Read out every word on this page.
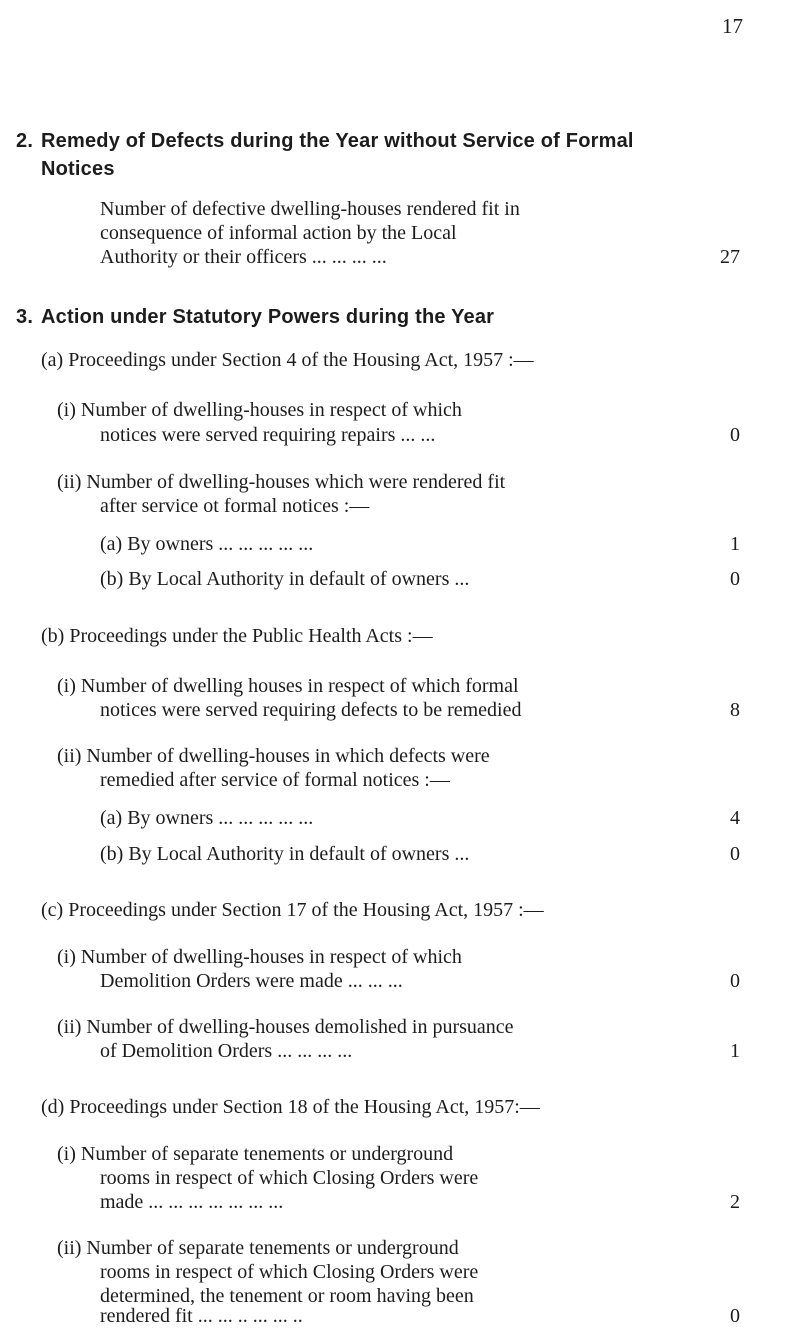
17
2. Remedy of Defects during the Year without Service of Formal
Notices
Number of defective dwelling-houses rendered fit in
consequence of informal action by the Local
Authority or their officers ... ... ... ...	27
3. Action under Statutory Powers during the Year
(a) Proceedings under Section 4 of the Housing Act, 1957 :—
(i) Number of dwelling-houses in respect of which
notices were served requiring repairs ... ...	0
(ii) Number of dwelling-houses which were rendered fit
after service ot formal notices :—
(a) By owners ... ... ... ... ...	1
(b) By Local Authority in default of owners ...	0
(b) Proceedings under the Public Health Acts :—
(i) Number of dwelling houses in respect of which formal
notices were served requiring defects to be remedied	8
(ii) Number of dwelling-houses in which defects were
remedied after service of formal notices :—
(a) By owners ... ... ... ... ...	4
(b) By Local Authority in default of owners ...	0
(c) Proceedings under Section 17 of the Housing Act, 1957 :—
(i) Number of dwelling-houses in respect of which
Demolition Orders were made ... ... ...	0
(ii) Number of dwelling-houses demolished in pursuance
of Demolition Orders ... ... ... ...	1
(d) Proceedings under Section 18 of the Housing Act, 1957:—
(i) Number of separate tenements or underground
rooms in respect of which Closing Orders were
made ... ... ... ... ... ... ...	2
(ii) Number of separate tenements or underground
rooms in respect of which Closing Orders were
determined, the tenement or room having been
rendered fit ... ... .. ... ... ..	0
